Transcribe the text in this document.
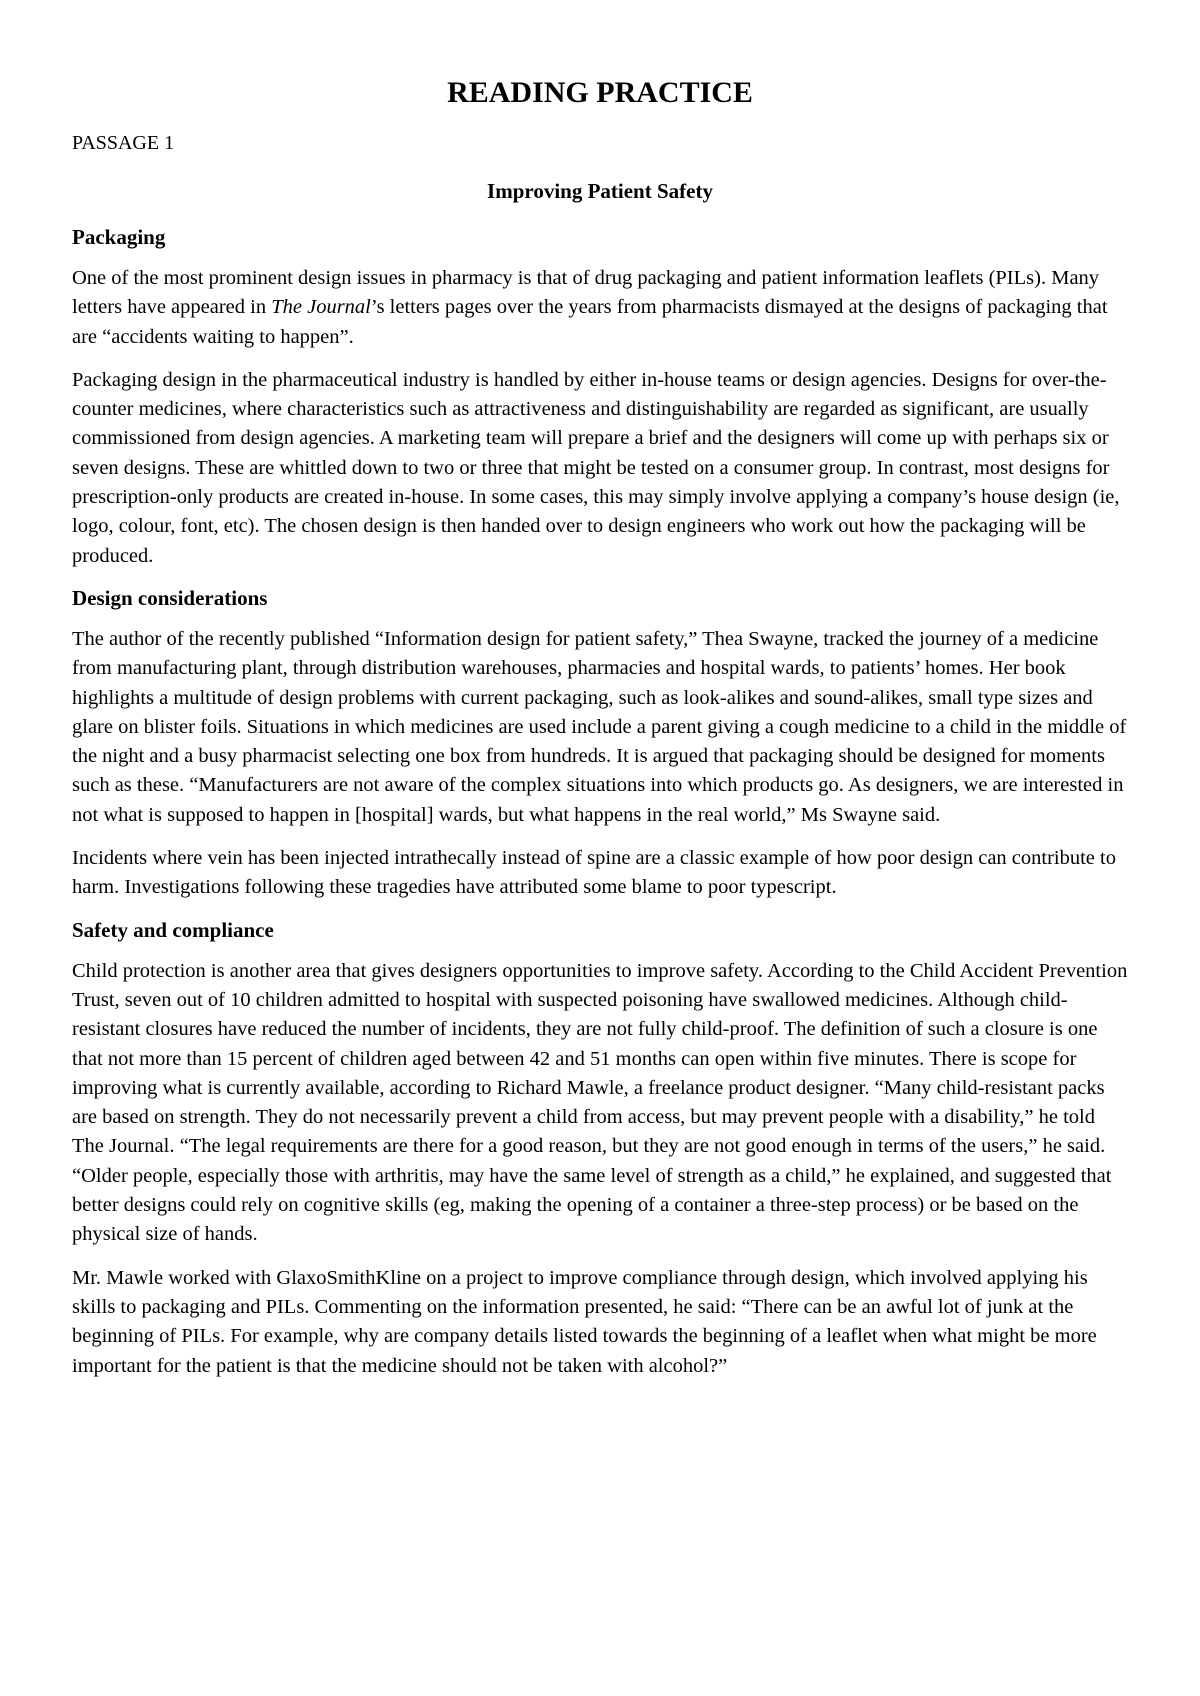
READING PRACTICE

PASSAGE 1

Improving Patient Safety
Packaging

One of the most prominent design issues in pharmacy is that of drug packaging and patient information leaflets (PILs). Many letters have appeared in The Journal’s letters pages over the years from pharmacists dismayed at the designs of packaging that are “accidents waiting to happen”.

Packaging design in the pharmaceutical industry is handled by either in-house teams or design agencies. Designs for over-the-counter medicines, where characteristics such as attractiveness and distinguishability are regarded as significant, are usually commissioned from design agencies. A marketing team will prepare a brief and the designers will come up with perhaps six or seven designs. These are whittled down to two or three that might be tested on a consumer group. In contrast, most designs for prescription-only products are created in-house. In some cases, this may simply involve applying a company’s house design (ie, logo, colour, font, etc). The chosen design is then handed over to design engineers who work out how the packaging will be produced.

Design considerations

The author of the recently published “Information design for patient safety,” Thea Swayne, tracked the journey of a medicine from manufacturing plant, through distribution warehouses, pharmacies and hospital wards, to patients’ homes. Her book highlights a multitude of design problems with current packaging, such as look-alikes and sound-alikes, small type sizes and glare on blister foils. Situations in which medicines are used include a parent giving a cough medicine to a child in the middle of the night and a busy pharmacist selecting one box from hundreds. It is argued that packaging should be designed for moments such as these. “Manufacturers are not aware of the complex situations into which products go. As designers, we are interested in not what is supposed to happen in [hospital] wards, but what happens in the real world,” Ms Swayne said.

Incidents where vein has been injected intrathecally instead of spine are a classic example of how poor design can contribute to harm. Investigations following these tragedies have attributed some blame to poor typescript.

Safety and compliance

Child protection is another area that gives designers opportunities to improve safety. According to the Child Accident Prevention Trust, seven out of 10 children admitted to hospital with suspected poisoning have swallowed medicines. Although child-resistant closures have reduced the number of incidents, they are not fully child-proof. The definition of such a closure is one that not more than 15 percent of children aged between 42 and 51 months can open within five minutes. There is scope for improving what is currently available, according to Richard Mawle, a freelance product designer. “Many child-resistant packs are based on strength. They do not necessarily prevent a child from access, but may prevent people with a disability,” he told The Journal. “The legal requirements are there for a good reason, but they are not good enough in terms of the users,” he said. “Older people, especially those with arthritis, may have the same level of strength as a child,” he explained, and suggested that better designs could rely on cognitive skills (eg, making the opening of a container a three-step process) or be based on the physical size of hands.

Mr. Mawle worked with GlaxoSmithKline on a project to improve compliance through design, which involved applying his skills to packaging and PILs. Commenting on the information presented, he said: “There can be an awful lot of junk at the beginning of PILs. For example, why are company details listed towards the beginning of a leaflet when what might be more important for the patient is that the medicine should not be taken with alcohol?”
